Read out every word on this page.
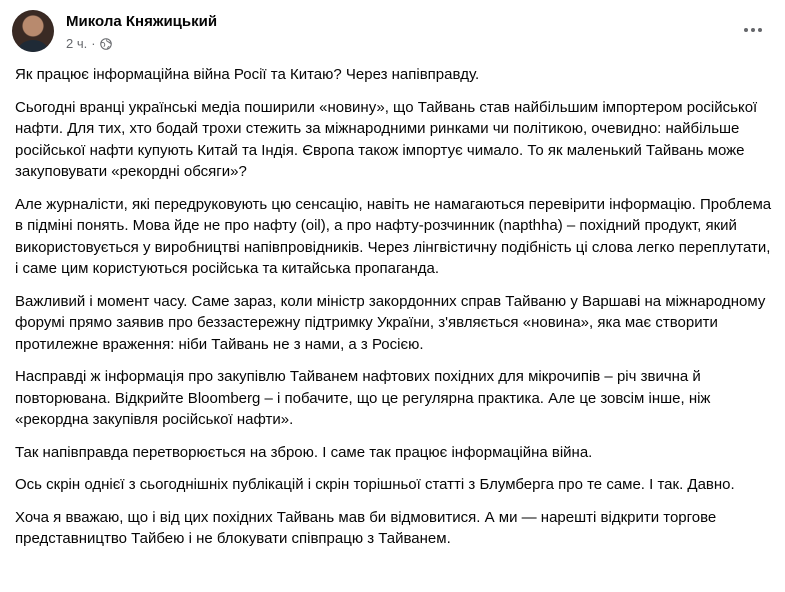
Микола Княжицький
2 ч. ·

Як працює інформаційна війна Росії та Китаю? Через напівправду.

Сьогодні вранці українські медіа поширили «новину», що Тайвань став найбільшим імпортером російської нафти. Для тих, хто бодай трохи стежить за міжнародними ринками чи політикою, очевидно: найбільше російської нафти купують Китай та Індія. Європа також імпортує чимало. То як маленький Тайвань може закуповувати «рекордні обсяги»?

Але журналісти, які передруковують цю сенсацію, навіть не намагаються перевірити інформацію. Проблема в підміні понять. Мова йде не про нафту (oil), а про нафту-розчинник (napthha) – похідний продукт, який використовується у виробництві напівпровідників. Через лінгвістичну подібність ці слова легко переплутати, і саме цим користуються російська та китайська пропаганда.

Важливий і момент часу. Саме зараз, коли міністр закордонних справ Тайваню у Варшаві на міжнародному форумі прямо заявив про беззастережну підтримку України, з'являється «новина», яка має створити протилежне враження: ніби Тайвань не з нами, а з Росією.

Насправді ж інформація про закупівлю Тайванем нафтових похідних для мікрочипів – річ звична й повторювана. Відкрийте Bloomberg – і побачите, що це регулярна практика. Але це зовсім інше, ніж «рекордна закупівля російської нафти».

Так напівправда перетворюється на зброю. І саме так працює інформаційна війна.

Ось скрін однієї з сьогоднішніх публікацій і скрін торішньої статті з Блумберга про те саме. І так. Давно.

Хоча я вважаю, що і від цих похідних Тайвань мав би відмовитися. А ми — нарешті відкрити торгове представництво Тайбею і не блокувати співпрацю з Тайванем.
